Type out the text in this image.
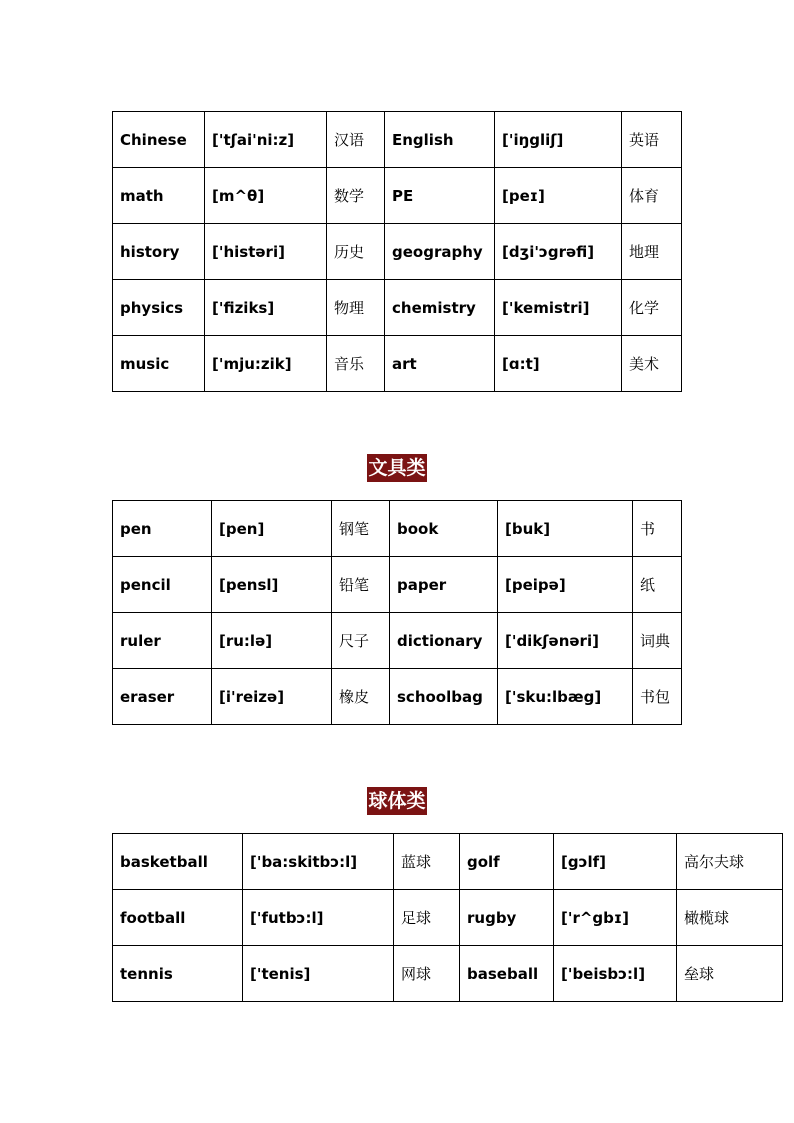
Chinese	['tʃai'ni:z]	汉语	English	['iŋgliʃ]	英语
math	[m^θ]	数学	PE	[peɪ]	体育
history	['histəri]	历史	geography	[dʒi'ɔgrəfi]	地理
physics	['fiziks]	物理	chemistry	['kemistri]	化学
music	['mju:zik]	音乐	art	[ɑ:t]	美术
文具类
pen	[pen]	钢笔	book	[buk]	书
pencil	[pensl]	铅笔	paper	[peipə]	纸
ruler	[ru:lə]	尺子	dictionary	['dikʃənəri]	词典
eraser	[i'reizə]	橡皮	schoolbag	['sku:lbæg]	书包
球体类
basketball	['ba:skitbɔ:l]	蓝球	golf	[gɔlf]	高尔夫球
football	['futbɔ:l]	足球	rugby	['r^gbɪ]	橄榄球
tennis	['tenis]	网球	baseball	['beisbɔ:l]	垒球
